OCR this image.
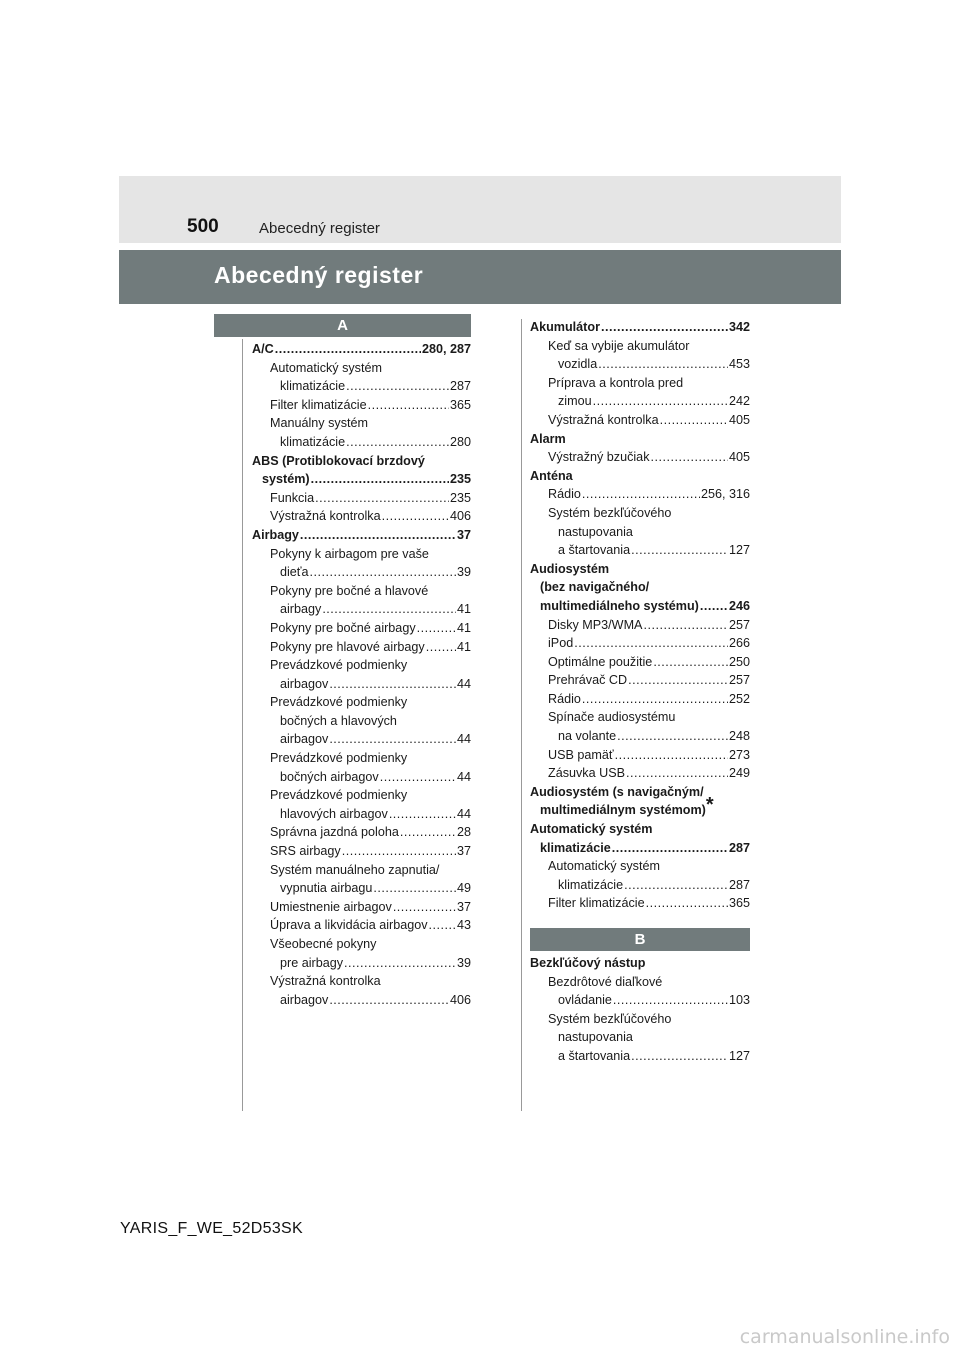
500	Abecedný register
Abecedný register
A
B
A/C .....	280, 287
Automatický systém
klimatizácie .....	287
Filter klimatizácie .....	365
Manuálny systém
klimatizácie .....	280
ABS (Protiblokovací brzdový
systém) .....	235
Funkcia .....	235
Výstražná kontrolka .....	406
Airbagy .....	37
Pokyny k airbagom pre vaše
dieťa .....	39
Pokyny pre bočné a hlavové
airbagy .....	41
Pokyny pre bočné airbagy .....	41
Pokyny pre hlavové airbagy .....	41
Prevádzkové podmienky
airbagov .....	44
Prevádzkové podmienky
bočných a hlavových
airbagov .....	44
Prevádzkové podmienky
bočných airbagov .....	44
Prevádzkové podmienky
hlavových airbagov .....	44
Správna jazdná poloha .....	28
SRS airbagy .....	37
Systém manuálneho zapnutia/
vypnutia airbagu .....	49
Umiestnenie airbagov .....	37
Úprava a likvidácia airbagov ..... 43
Všeobecné pokyny
pre airbagy .....	39
Výstražná kontrolka
airbagov .....	406
Akumulátor .....	342
Keď sa vybije akumulátor
vozidla .....	453
Príprava a kontrola pred
zimou .....	242
Výstražná kontrolka .....	405
Alarm
Výstražný bzučiak .....	405
Anténa
Rádio .....	256, 316
Systém bezkľúčového
nastupovania
a štartovania .....	127
Audiosystém
(bez navigačného/
multimediálneho systému) ..... 246
Disky MP3/WMA .....	257
iPod .....	266
Optimálne použitie .....	250
Prehrávač CD .....	257
Rádio .....	252
Spínače audiosystému
na volante .....	248
USB pamäť .....	273
Zásuvka USB .....	249
Audiosystém (s navigačným/
multimediálnym systémom)*
Automatický systém
klimatizácie .....	287
Automatický systém
klimatizácie .....	287
Filter klimatizácie .....	365
Bezkľúčový nástup
Bezdrôtové diaľkové
ovládanie .....	103
Systém bezkľúčového
nastupovania
a štartovania .....	127
YARIS_F_WE_52D53SK
carmanualsonline.info
